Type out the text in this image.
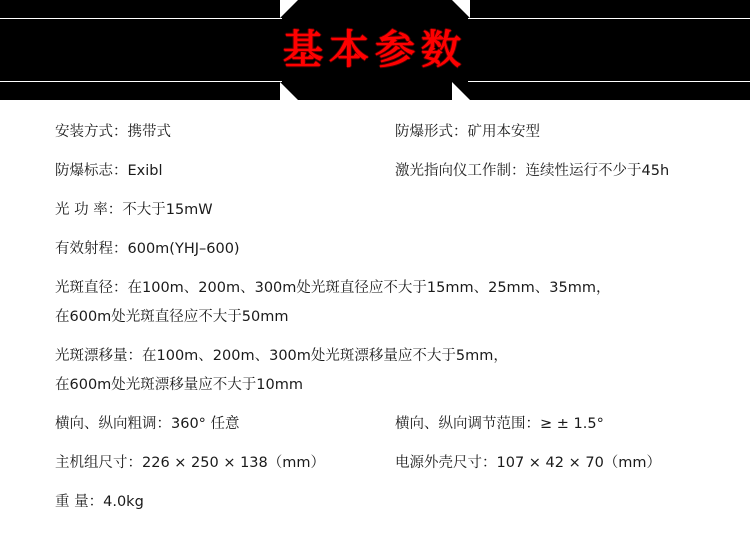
基本参数
安装方式：携带式	防爆形式：矿用本安型
防爆标志：Exibl	激光指向仪工作制：连续性运行不少于45h
光 功 率：不大于15mW
有效射程：600m(YHJ–600)
光斑直径：在100m、200m、300m处光斑直径应不大于15mm、25mm、35mm，
在600m处光斑直径应不大于50mm
光斑漂移量：在100m、200m、300m处光斑漂移量应不大于5mm，
在600m处光斑漂移量应不大于10mm
横向、纵向粗调：360° 任意	横向、纵向调节范围：≥ ± 1.5°
主机组尺寸：226 × 250 × 138（mm）	电源外壳尺寸：107 × 42 × 70（mm）
重 量：4.0kg
